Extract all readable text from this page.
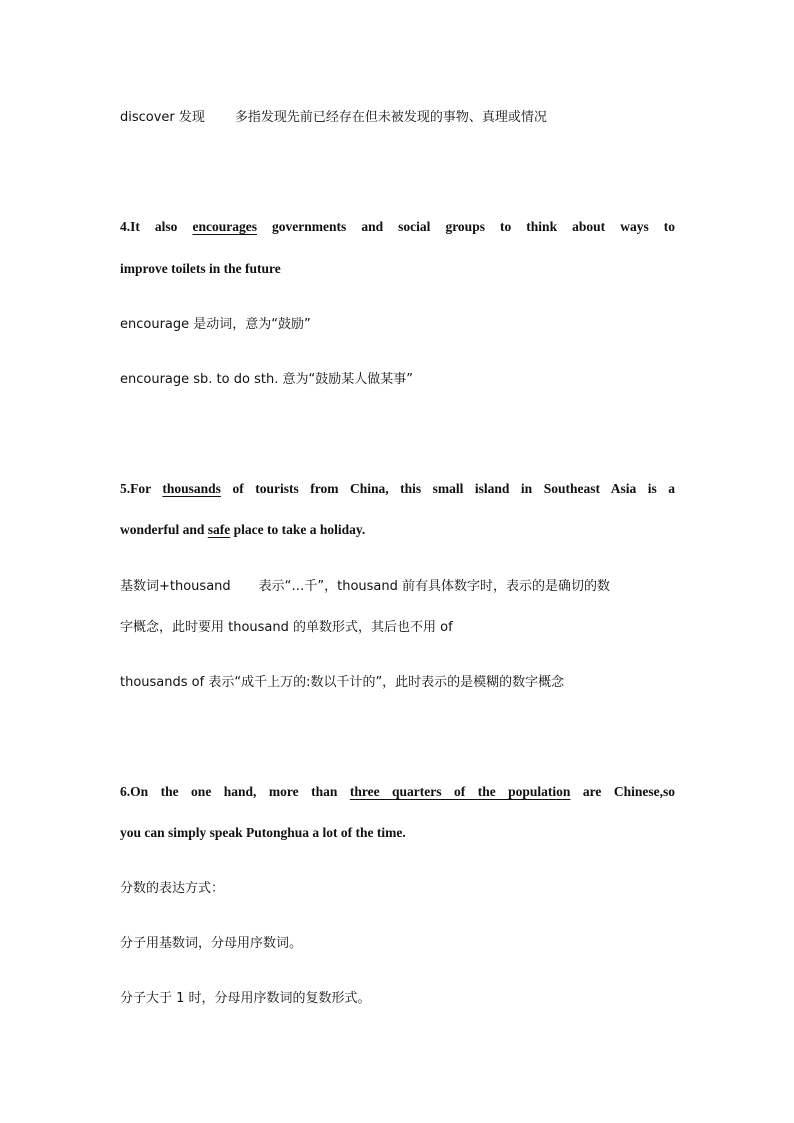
discover 发现 多指发现先前已经存在但未被发现的事物、真理或情况

4.It also encourages governments and social groups to think about ways to

improve toilets in the future

encourage 是动词，意为“鼓励”

encourage sb. to do sth. 意为“鼓励某人做某事”

5.For thousands of tourists from China, this small island in Southeast Asia is a

wonderful and safe place to take a holiday.

基数词+thousand 表示“…千”，thousand 前有具体数字时，表示的是确切的数

字概念，此时要用 thousand 的单数形式，其后也不用 of

thousands of 表示“成千上万的:数以千计的”，此时表示的是模糊的数字概念

6.On the one hand, more than three quarters of the population are Chinese,so

you can simply speak Putonghua a lot of the time.

分数的表达方式：

分子用基数词，分母用序数词。

分子大于 1 时，分母用序数词的复数形式。
